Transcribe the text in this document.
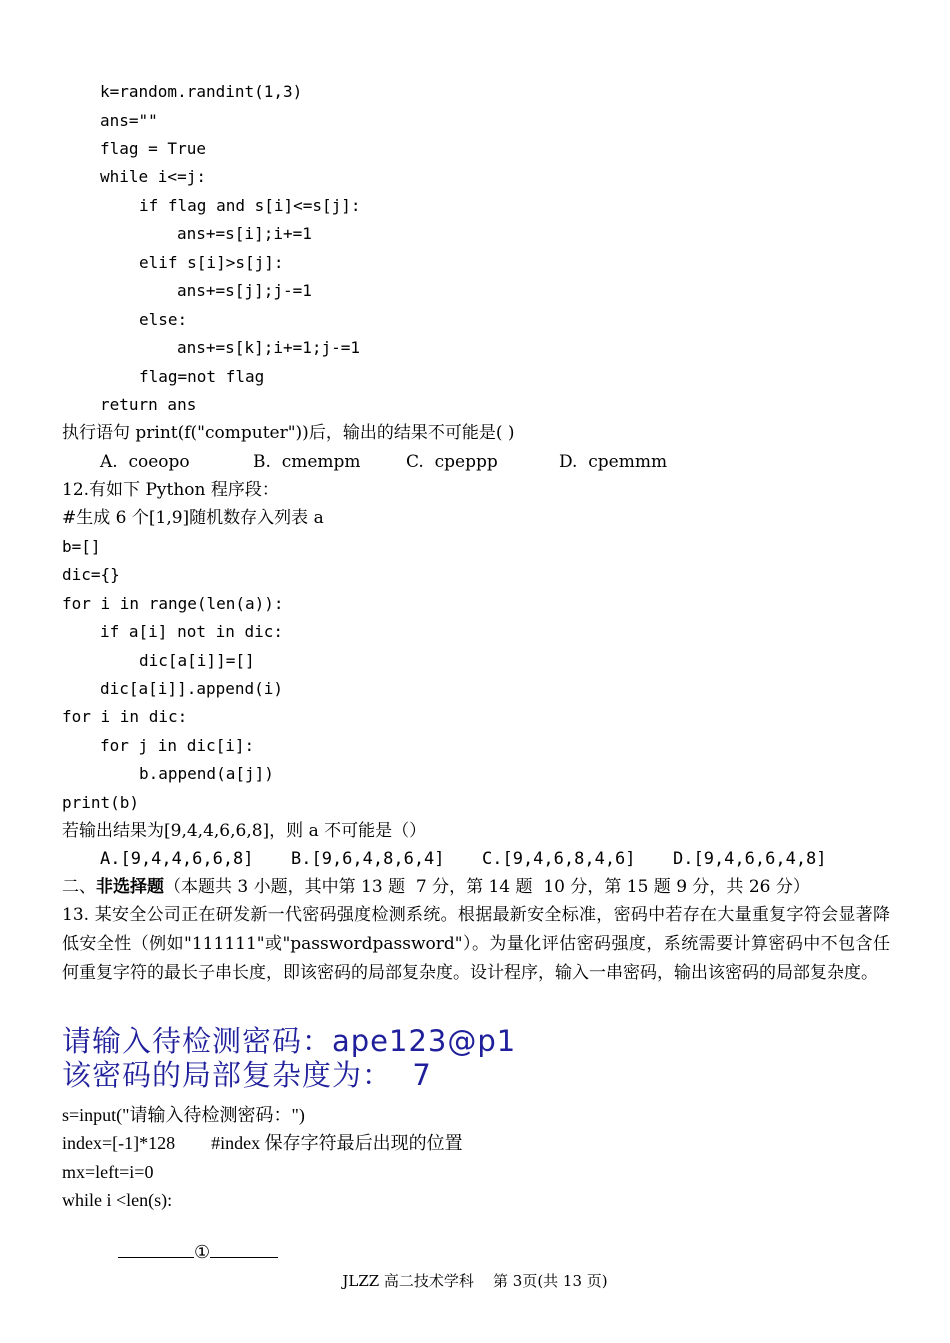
k=random.randint(1,3)
ans=""
flag = True
while i<=j:
if flag and s[i]<=s[j]:
ans+=s[i];i+=1
elif s[i]>s[j]:
ans+=s[j];j-=1
else:
ans+=s[k];i+=1;j-=1
flag=not flag
return ans
执行语句 print(f("computer"))后，输出的结果不可能是( )
A.  coeopo	B.  cmempm	C.  cpeppp	D.  cpemmm
12.有如下 Python 程序段：
#生成 6 个[1,9]随机数存入列表 a
b=[]
dic={}
for i in range(len(a)):
if a[i] not in dic:
dic[a[i]]=[]
dic[a[i]].append(i)
for i in dic:
for j in dic[i]:
b.append(a[j])
print(b)
若输出结果为[9,4,4,6,6,8]，则 a 不可能是（）
A.[9,4,4,6,6,8]	B.[9,6,4,8,6,4]	C.[9,4,6,8,4,6]	D.[9,4,6,6,4,8]
二、非选择题（本题共 3 小题，其中第 13 题  7 分，第 14 题  10 分，第 15 题 9 分，共 26 分）
13. 某安全公司正在研发新一代密码强度检测系统。根据最新安全标准，密码中若存在大量重复字符会显著降低安全性（例如"111111"或"passwordpassword"）。为量化评估密码强度，系统需要计算密码中不包含任何重复字符的最长子串长度，即该密码的局部复杂度。设计程序，输入一串密码，输出该密码的局部复杂度。
请输入待检测密码：ape123@p1
该密码的局部复杂度为：  7
s=input("请输入待检测密码：")
index=[-1]*128        #index 保存字符最后出现的位置
mx=left=i=0
while i <len(s):

①

JLZZ 高二技术学科    第 3页(共 13 页)
